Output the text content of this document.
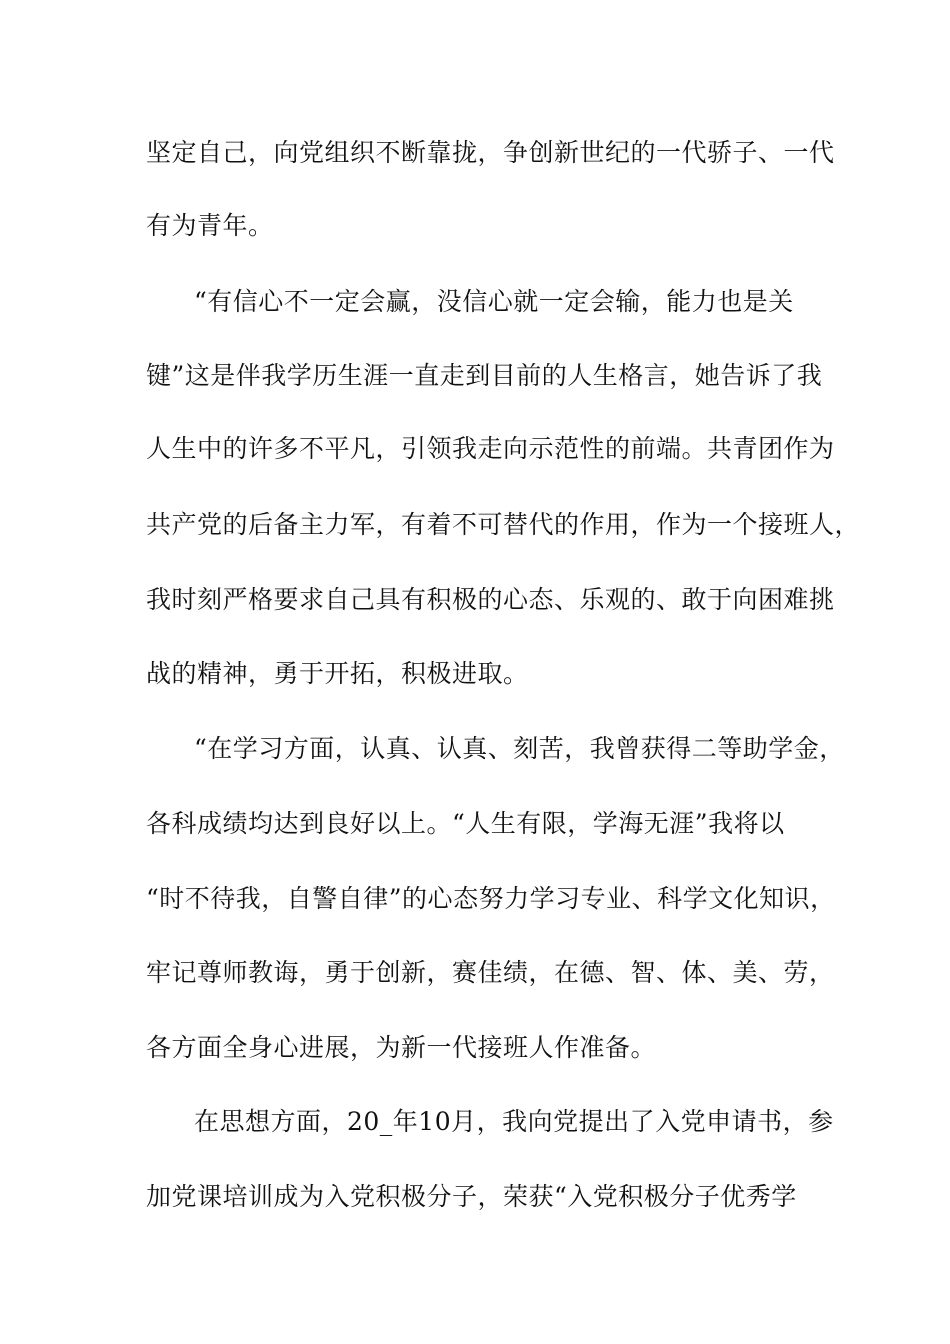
坚定自己，向党组织不断靠拢，争创新世纪的一代骄子、一代
有为青年。
“有信心不一定会赢，没信心就一定会输，能力也是关
键”这是伴我学历生涯一直走到目前的人生格言，她告诉了我
人生中的许多不平凡，引领我走向示范性的前端。共青团作为
共产党的后备主力军，有着不可替代的作用，作为一个接班人，
我时刻严格要求自己具有积极的心态、乐观的、敢于向困难挑
战的精神，勇于开拓，积极进取。
“在学习方面，认真、认真、刻苦，我曾获得二等助学金，
各科成绩均达到良好以上。“人生有限，学海无涯”我将以
“时不待我，自警自律”的心态努力学习专业、科学文化知识，
牢记尊师教诲，勇于创新，赛佳绩，在德、智、体、美、劳，
各方面全身心进展，为新一代接班人作准备。
在思想方面，20_年10月，我向党提出了入党申请书，参
加党课培训成为入党积极分子，荣获“入党积极分子优秀学
